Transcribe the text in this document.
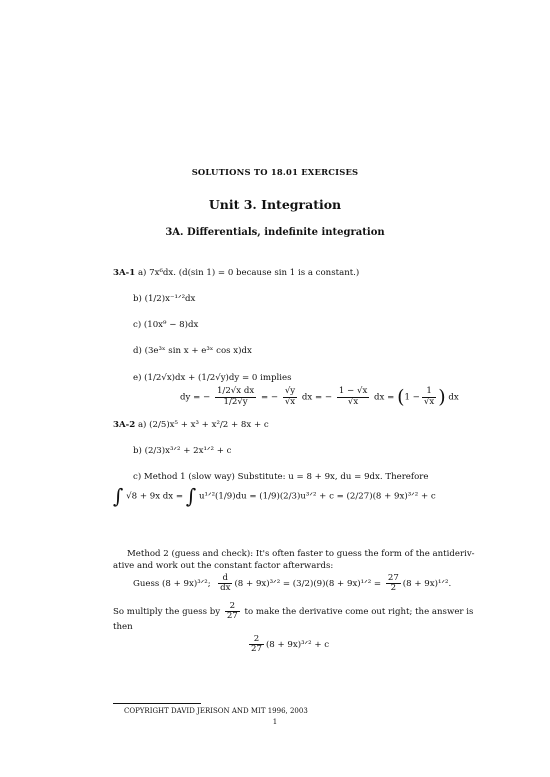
SOLUTIONS TO 18.01 EXERCISES
Unit 3. Integration
3A. Differentials, indefinite integration
3A-1 a) 7x⁶dx. (d(sin 1) = 0 because sin 1 is a constant.)
b) (1/2)x⁻¹ᐟ²dx
c) (10x⁹ − 8)dx
d) (3e³ˣ sin x + e³ˣ cos x)dx
e) (1/2√x)dx + (1/2√y)dy = 0 implies
dy = − $\frac{\text{1/2√x dx}}{1/2√y}$ = − $\frac{√y}{√x}$ dx = − $\frac{1 - √x}{√x}$ dx = ($1 - \frac{1}{√x}$ ) dx
3A-2 a) (2/5)x⁵ + x³ + x²/2 + 8x + c
b) (2/3)x³ᐟ² + 2x¹ᐟ² + c
c) Method 1 (slow way) Substitute: u = 8 + 9x, du = 9dx. Therefore
∫ √8 + 9x dx = ∫ u¹ᐟ²(1/9)du = (1/9)(2/3)u³ᐟ² + c = (2/27)(8 + 9x)³ᐟ² + c
Method 2 (guess and check): It's often faster to guess the form of the antideriv-
ative and work out the constant factor afterwards:
Guess (8 + 9x)³ᐟ²; $\frac{d}{dx} (8$ + 9x)³ᐟ² = (3/2)(9)(8 + 9x)¹ᐟ² = $\frac{27}{2} (8$ + 9x)¹ᐟ².
So multiply the guess by $\frac{2}{27}$ to make the derivative come out right; the answer is
then
$\frac{2}{27} (8$ + 9x)³ᐟ² + c
COPYRIGHT DAVID JERISON AND MIT 1996, 2003
1
